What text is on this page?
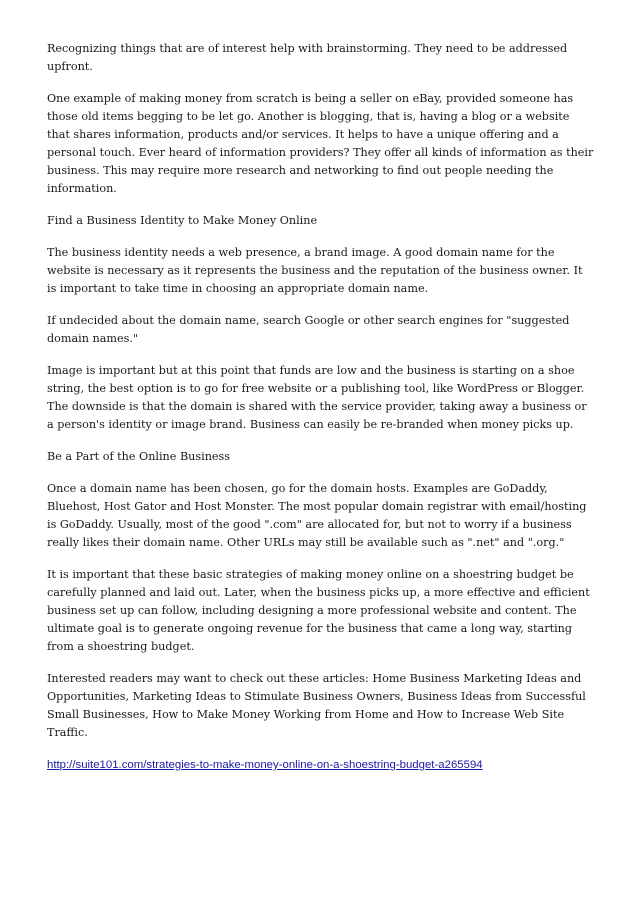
Recognizing things that are of interest help with brainstorming. They need to be addressed upfront.

One example of making money from scratch is being a seller on eBay, provided someone has those old items begging to be let go. Another is blogging, that is, having a blog or a website that shares information, products and/or services. It helps to have a unique offering and a personal touch. Ever heard of information providers? They offer all kinds of information as their business. This may require more research and networking to find out people needing the information.

Find a Business Identity to Make Money Online

The business identity needs a web presence, a brand image. A good domain name for the website is necessary as it represents the business and the reputation of the business owner. It is important to take time in choosing an appropriate domain name.

If undecided about the domain name, search Google or other search engines for "suggested domain names."

Image is important but at this point that funds are low and the business is starting on a shoe string, the best option is to go for free website or a publishing tool, like WordPress or Blogger. The downside is that the domain is shared with the service provider, taking away a business or a person's identity or image brand. Business can easily be re-branded when money picks up.

Be a Part of the Online Business

Once a domain name has been chosen, go for the domain hosts. Examples are GoDaddy, Bluehost, Host Gator and Host Monster. The most popular domain registrar with email/hosting is GoDaddy. Usually, most of the good ".com" are allocated for, but not to worry if a business really likes their domain name. Other URLs may still be available such as ".net" and ".org."

It is important that these basic strategies of making money online on a shoestring budget be carefully planned and laid out. Later, when the business picks up, a more effective and efficient business set up can follow, including designing a more professional website and content. The ultimate goal is to generate ongoing revenue for the business that came a long way, starting from a shoestring budget.

Interested readers may want to check out these articles: Home Business Marketing Ideas and Opportunities, Marketing Ideas to Stimulate Business Owners, Business Ideas from Successful Small Businesses, How to Make Money Working from Home and How to Increase Web Site Traffic.

http://suite101.com/strategies-to-make-money-online-on-a-shoestring-budget-a265594
